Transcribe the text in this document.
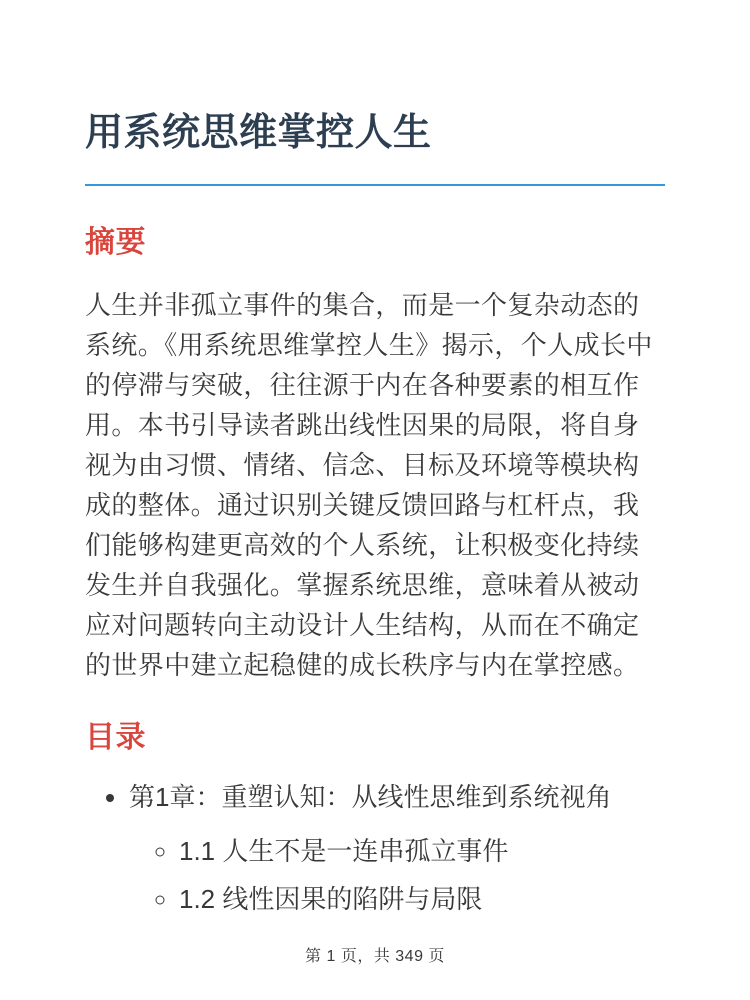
用系统思维掌控人生
摘要

人生并非孤立事件的集合，而是一个复杂动态的系统。《用系统思维掌控人生》揭示，个人成长中的停滞与突破，往往源于内在各种要素的相互作用。本书引导读者跳出线性因果的局限，将自身视为由习惯、情绪、信念、目标及环境等模块构成的整体。通过识别关键反馈回路与杠杆点，我们能够构建更高效的个人系统，让积极变化持续发生并自我强化。掌握系统思维，意味着从被动应对问题转向主动设计人生结构，从而在不确定的世界中建立起稳健的成长秩序与内在掌控感。

目录
• 第1章：重塑认知：从线性思维到系统视角
◦ 1.1 人生不是一连串孤立事件
◦ 1.2 线性因果的陷阱与局限
第 1 页，共 349 页
